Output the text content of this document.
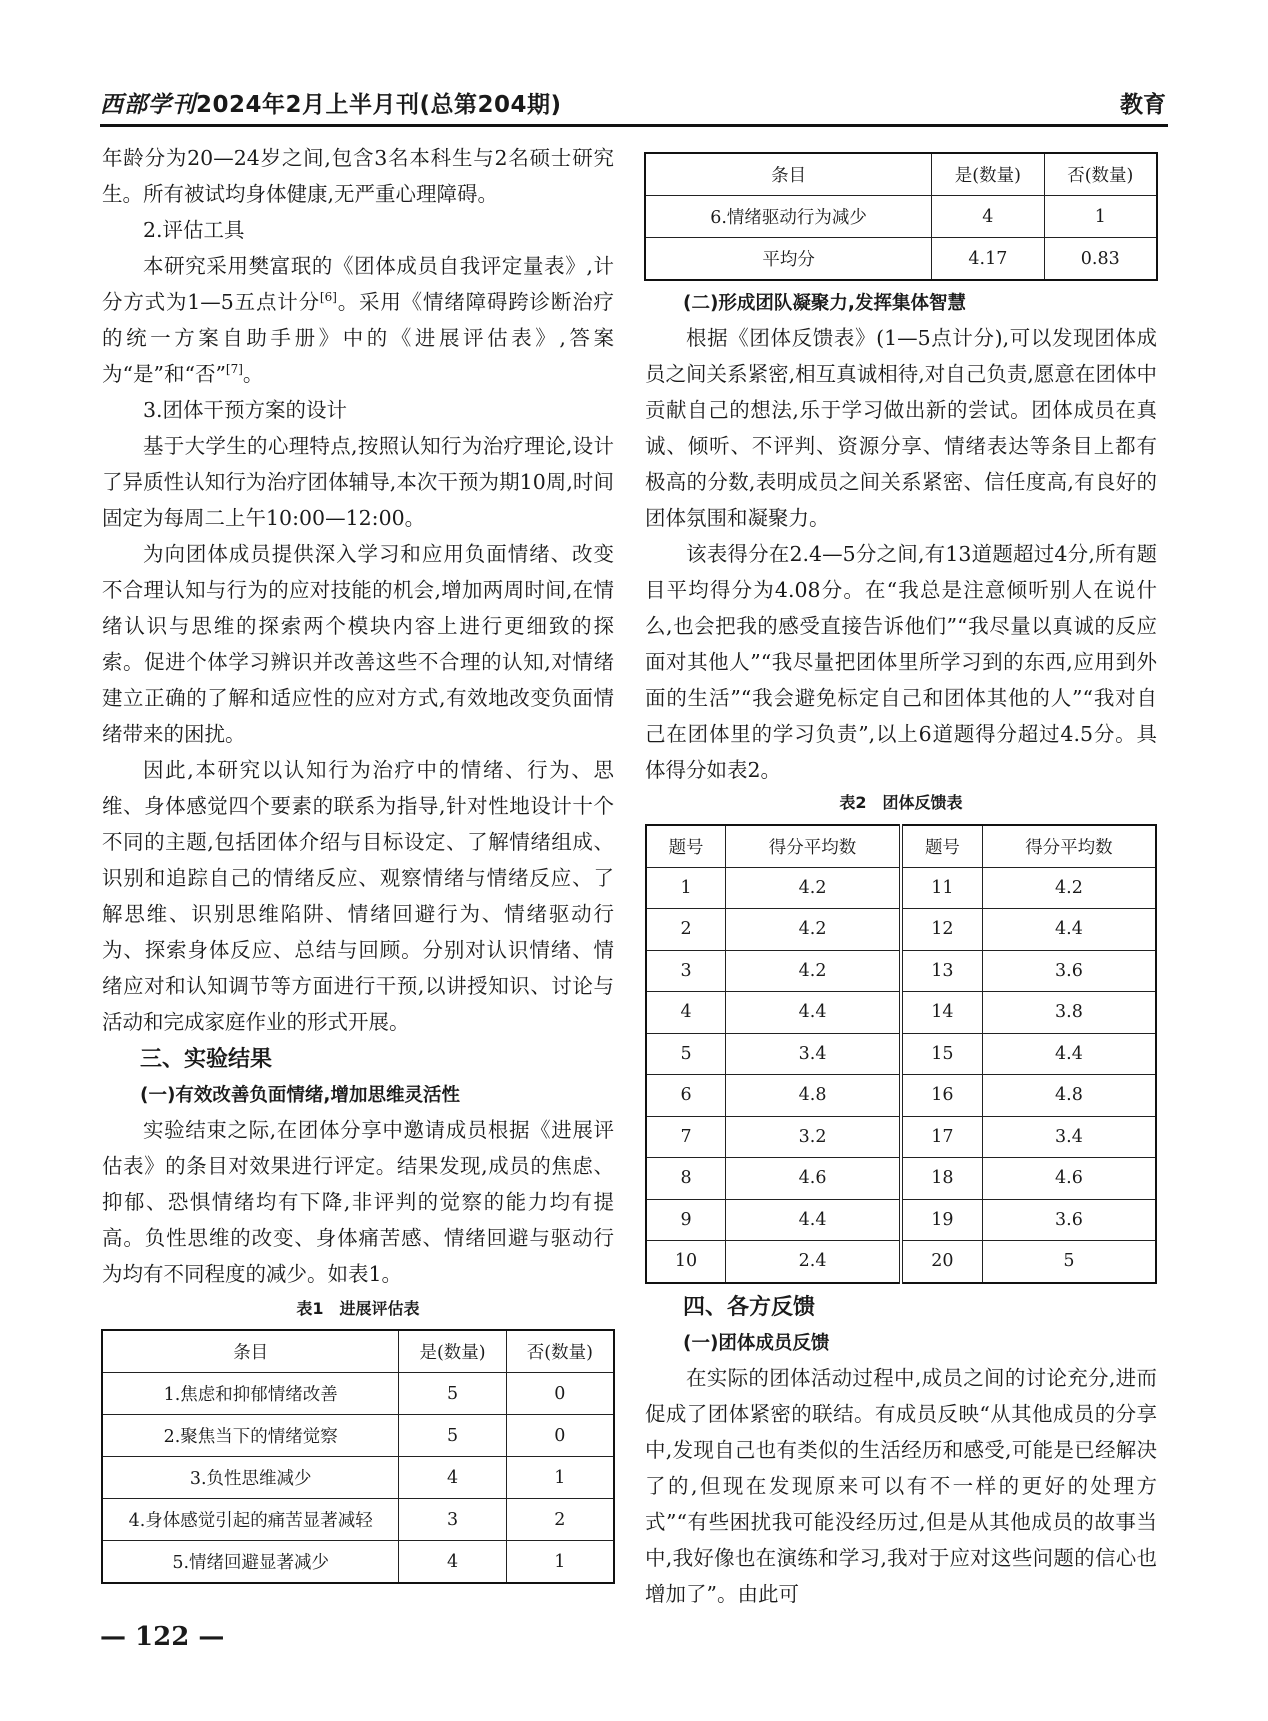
西部学刊2024年2月上半月刊(总第204期)	教育

年龄分为20—24岁之间,包含3名本科生与2名硕士研究生。所有被试均身体健康,无严重心理障碍。

2.评估工具

本研究采用樊富珉的《团体成员自我评定量表》,计分方式为1—5五点计分[6]。采用《情绪障碍跨诊断治疗的统一方案自助手册》中的《进展评估表》,答案为“是”和“否”[7]。

3.团体干预方案的设计

基于大学生的心理特点,按照认知行为治疗理论,设计了异质性认知行为治疗团体辅导,本次干预为期10周,时间固定为每周二上午10:00—12:00。

为向团体成员提供深入学习和应用负面情绪、改变不合理认知与行为的应对技能的机会,增加两周时间,在情绪认识与思维的探索两个模块内容上进行更细致的探索。促进个体学习辨识并改善这些不合理的认知,对情绪建立正确的了解和适应性的应对方式,有效地改变负面情绪带来的困扰。

因此,本研究以认知行为治疗中的情绪、行为、思维、身体感觉四个要素的联系为指导,针对性地设计十个不同的主题,包括团体介绍与目标设定、了解情绪组成、识别和追踪自己的情绪反应、观察情绪与情绪反应、了解思维、识别思维陷阱、情绪回避行为、情绪驱动行为、探索身体反应、总结与回顾。分别对认识情绪、情绪应对和认知调节等方面进行干预,以讲授知识、讨论与活动和完成家庭作业的形式开展。

三、实验结果
(一)有效改善负面情绪,增加思维灵活性

实验结束之际,在团体分享中邀请成员根据《进展评估表》的条目对效果进行评定。结果发现,成员的焦虑、抑郁、恐惧情绪均有下降,非评判的觉察的能力均有提高。负性思维的改变、身体痛苦感、情绪回避与驱动行为均有不同程度的减少。如表1。

表1　进展评估表
条目	是(数量)	否(数量)
1.焦虑和抑郁情绪改善	5	0
2.聚焦当下的情绪觉察	5	0
3.负性思维减少	4	1
4.身体感觉引起的痛苦显著减轻	3	2
5.情绪回避显著减少	4	1
条目	是(数量)	否(数量)
6.情绪驱动行为减少	4	1
平均分	4.17	0.83
(二)形成团队凝聚力,发挥集体智慧

根据《团体反馈表》(1—5点计分),可以发现团体成员之间关系紧密,相互真诚相待,对自己负责,愿意在团体中贡献自己的想法,乐于学习做出新的尝试。团体成员在真诚、倾听、不评判、资源分享、情绪表达等条目上都有极高的分数,表明成员之间关系紧密、信任度高,有良好的团体氛围和凝聚力。

该表得分在2.4—5分之间,有13道题超过4分,所有题目平均得分为4.08分。在“我总是注意倾听别人在说什么,也会把我的感受直接告诉他们”“我尽量以真诚的反应面对其他人”“我尽量把团体里所学习到的东西,应用到外面的生活”“我会避免标定自己和团体其他的人”“我对自己在团体里的学习负责”,以上6道题得分超过4.5分。具体得分如表2。

表2　团体反馈表
题号	得分平均数	题号	得分平均数
1	4.2	11	4.2
2	4.2	12	4.4
3	4.2	13	3.6
4	4.4	14	3.8
5	3.4	15	4.4
6	4.8	16	4.8
7	3.2	17	3.4
8	4.6	18	4.6
9	4.4	19	3.6
10	2.4	20	5
四、各方反馈
(一)团体成员反馈

在实际的团体活动过程中,成员之间的讨论充分,进而促成了团体紧密的联结。有成员反映“从其他成员的分享中,发现自己也有类似的生活经历和感受,可能是已经解决了的,但现在发现原来可以有不一样的更好的处理方式”“有些困扰我可能没经历过,但是从其他成员的故事当中,我好像也在演练和学习,我对于应对这些问题的信心也增加了”。由此可

— 122 —
